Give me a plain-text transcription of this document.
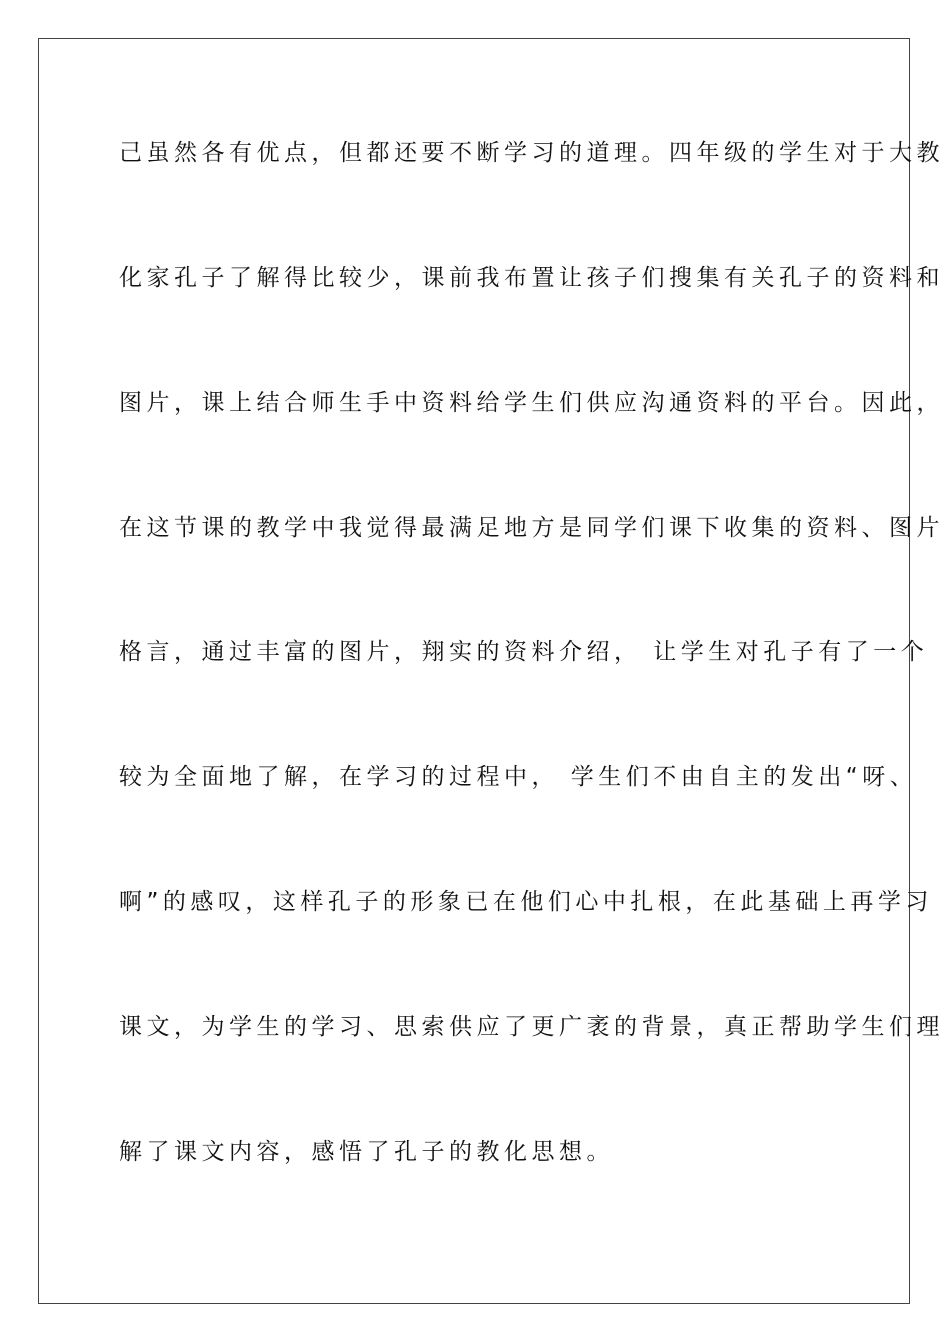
己虽然各有优点，但都还要不断学习的道理。四年级的学生对于大教
化家孔子了解得比较少，课前我布置让孩子们搜集有关孔子的资料和
图片，课上结合师生手中资料给学生们供应沟通资料的平台。因此，
在这节课的教学中我觉得最满足地方是同学们课下收集的资料、图片
格言，通过丰富的图片，翔实的资料介绍， 让学生对孔子有了一个
较为全面地了解，在学习的过程中， 学生们不由自主的发出“呀、
啊”的感叹，这样孔子的形象已在他们心中扎根，在此基础上再学习
课文，为学生的学习、思索供应了更广袤的背景，真正帮助学生们理
解了课文内容，感悟了孔子的教化思想。
